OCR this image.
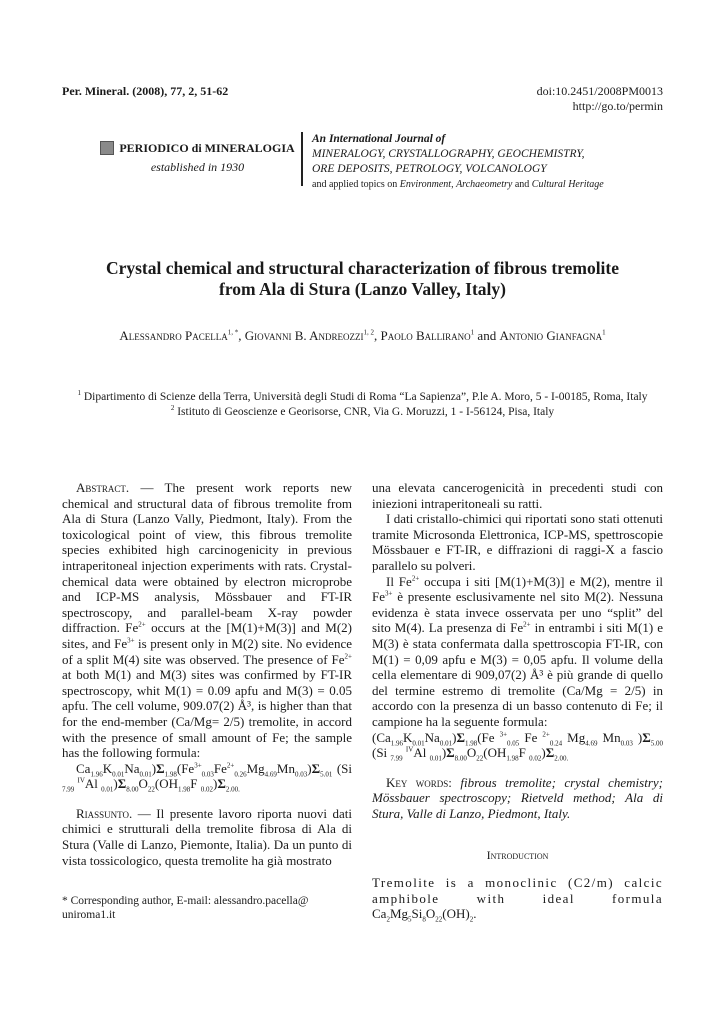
Per. Mineral. (2008), 77, 2, 51-62	doi:10.2451/2008PM0013
http://go.to/permin
PERIODICO di MINERALOGIA
established in 1930
An International Journal of
MINERALOGY, CRYSTALLOGRAPHY, GEOCHEMISTRY,
ORE DEPOSITS, PETROLOGY, VOLCANOLOGY
and applied topics on Environment, Archaeometry and Cultural Heritage
Crystal chemical and structural characterization of fibrous tremolite
from Ala di Stura (Lanzo Valley, Italy)
Alessandro Pacella$^{1, *}$, Giovanni B. Andreozzi$^{1, 2}$, Paolo Ballirano$^1$ and Antonio Gianfagna$^1$
$^1$ Dipartimento di Scienze della Terra, Università degli Studi di Roma “La Sapienza”, P.le A. Moro, 5 - I-00185, Roma, Italy
$^2$ Istituto di Geoscienze e Georisorse, CNR, Via G. Moruzzi, 1 - I-56124, Pisa, Italy

Abstract. — The present work reports new chemical and structural data of fibrous tremolite from Ala di Stura (Lanzo Vally, Piedmont, Italy). From the toxicological point of view, this fibrous tremolite species exhibited high carcinogenicity in previous intraperitoneal injection experiments with rats. Crystal-chemical data were obtained by electron microprobe and ICP-MS analysis, Mössbauer and FT-IR spectroscopy, and parallel-beam X-ray powder diffraction. $Fe^{2+}$ occurs at the [M(1)+M(3)] and M(2) sites, and $Fe^{3+}$ is present only in M(2) site. No evidence of a split M(4) site was observed. The presence of $Fe^{2+}$ at both M(1) and M(3) sites was confirmed by FT-IR spectroscopy, whit M(1) = 0.09 apfu and M(3) = 0.05 apfu. The cell volume, 909.07(2) Å³, is higher than that for the end-member (Ca/Mg= 2/5) tremolite, in accord with the presence of small amount of Fe; the sample has the following formula:

$Ca_{1.96}K_{0.01}Na_{0.01})\Sigma_{1.98}(Fe^{3+}_{0.03}Fe^{2+}_{0.26}Mg_{4.69}Mn_{0.03})\Sigma_{5.01}$ (Si $_{7.99}$ $^{IV}$Al $_{0.01})\Sigma_{8.00}O_{22}(OH_{1.98}F$ $_{0.02})\Sigma_{2.00.}$

Riassunto. — Il presente lavoro riporta nuovi dati chimici e strutturali della tremolite fibrosa di Ala di Stura (Valle di Lanzo, Piemonte, Italia). Da un punto di vista tossicologico, questa tremolite ha già mostrato

* Corresponding author, E-mail: alessandro.pacella@ uniroma1.it

una elevata cancerogenicità in precedenti studi con iniezioni intraperitoneali su ratti.

I dati cristallo-chimici qui riportati sono stati ottenuti tramite Microsonda Elettronica, ICP-MS, spettroscopie Mössbauer e FT-IR, e diffrazioni di raggi-X a fascio parallelo su polveri.

Il $Fe^{2+}$ occupa i siti [M(1)+M(3)] e M(2), mentre il $Fe^{3+}$ è presente esclusivamente nel sito M(2). Nessuna evidenza è stata invece osservata per uno “split” del sito M(4). La presenza di $Fe^{2+}$ in entrambi i siti M(1) e M(3) è stata confermata dalla spettroscopia FT-IR, con M(1) = 0,09 apfu e M(3) = 0,05 apfu. Il volume della cella elementare di 909,07(2) Å³ è più grande di quello del termine estremo di tremolite (Ca/Mg = 2/5) in accordo con la presenza di un basso contenuto di Fe; il campione ha la seguente formula:

$(Ca_{1.96}K_{0.01}Na_{0.01})\Sigma_{1.98}(Fe$ $^{3+}_{0.05}$ Fe $^{2+}_{0.24}$ $Mg_{4.69}$ $Mn_{0.03}$ )$\Sigma_{5.00}$ (Si $_{7.99}$ $^{IV}$Al $_{0.01})\Sigma_{8.00}O_{22}(OH_{1.98}F$ $_{0.02})\Sigma_{2.00.}$

Key words: fibrous tremolite; crystal chemistry; Mössbauer spectroscopy; Rietveld method; Ala di Stura, Valle di Lanzo, Piedmont, Italy.

Introduction
Tremolite is a monoclinic (C2/m) calcic amphibole with ideal formula $Ca_2Mg_5Si_8O_{22}(OH)_2$.
